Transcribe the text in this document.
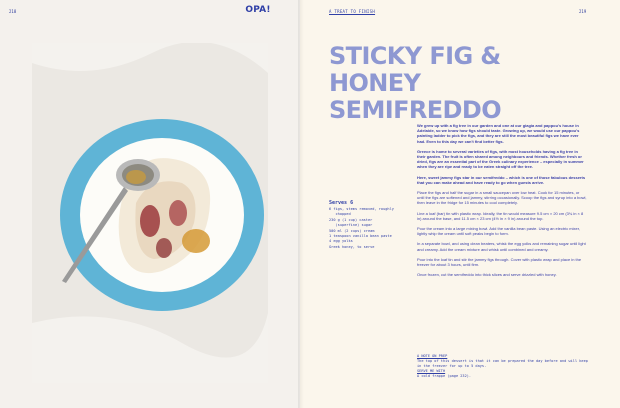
218	OPA!	A TREAT TO FINISH	219
STICKY FIG & HONEY SEMIFREDDO
Serves 6
6 figs, stems removed, roughly
chopped
230 g (1 cup) caster
(superfine) sugar
500 ml (2 cups) cream
1 teaspoon vanilla bean paste
4 egg yolks
Greek honey, to serve

We grew up with a fig tree in our garden and one at our giagia and pappou's house in Adelaide, so we know how figs should taste. Growing up, we would use our pappou's painting ladder to pick the figs, and they are still the most beautiful figs we have ever had. Even to this day we can't find better figs.

Greece is home to several varieties of figs, with most households having a fig tree in their garden. The fruit is often shared among neighbours and friends. Whether fresh or dried, figs are an essential part of the Greek culinary experience – especially in summer when they are ripe and ready to be eaten straight off the tree.

Here, sweet jammy figs star in our semifreddo – which is one of those fabulous desserts that you can make ahead and have ready to go when guests arrive.

Place the figs and half the sugar in a small saucepan over low heat. Cook for 15 minutes, or until the figs are softened and jammy, stirring occasionally. Scoop the figs and syrup into a bowl, then leave in the fridge for 15 minutes to cool completely.

Line a loaf (bar) tin with plastic wrap. Ideally, the tin would measure 9.5 cm × 20 cm (3¾ in × 8 in) around the base, and 11.5 cm × 23 cm (4½ in × 9 in) around the top.

Pour the cream into a large mixing bowl. Add the vanilla bean paste. Using an electric mixer, lightly whip the cream until soft peaks begin to form.

In a separate bowl, and using clean beaters, whisk the egg yolks and remaining sugar until light and creamy. Add the cream mixture and whisk until combined and creamy.

Pour into the loaf tin and stir the jammy figs through. Cover with plastic wrap and place in the freezer for about 3 hours, until firm.

Once frozen, cut the semifreddo into thick slices and serve drizzled with honey.

A NOTE ON PREP
The top of this dessert is that it can be prepared the day before and will keep in the freezer for up to 5 days.
SERVE ME WITH
A cold frappe (page 232).
